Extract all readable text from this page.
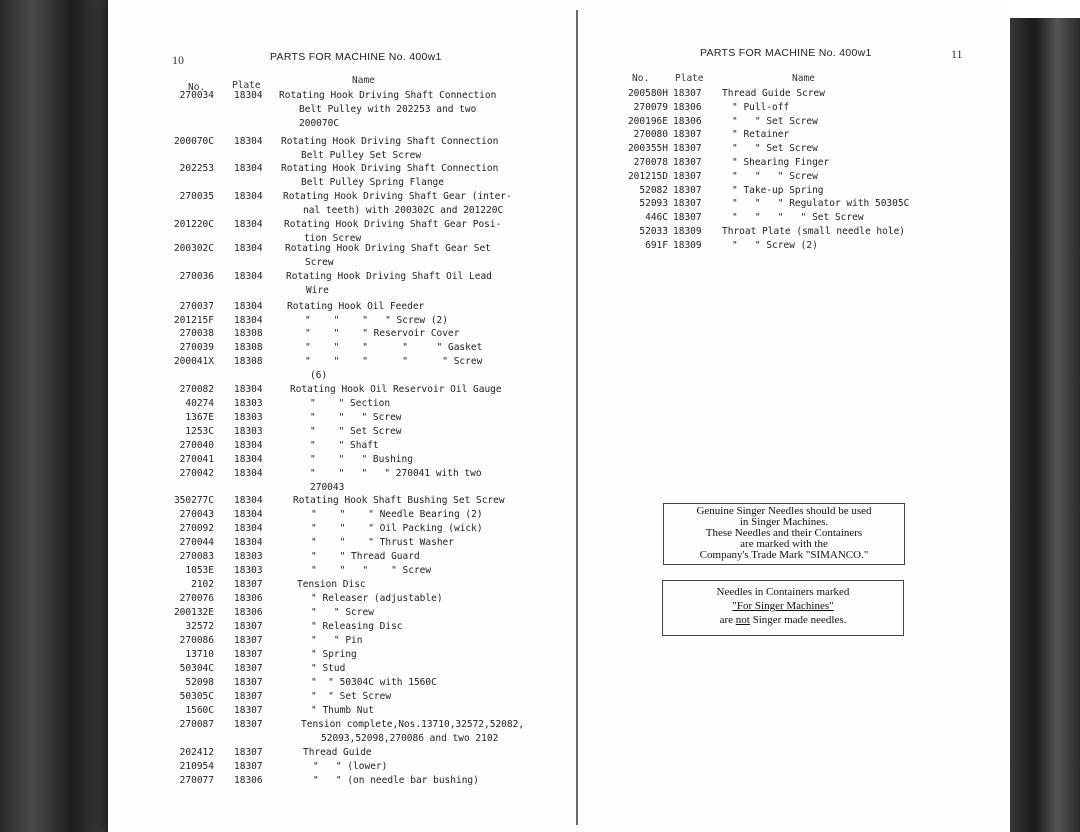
10	PARTS FOR MACHINE No. 400w1
No.	Plate	Name
270034 18304 Rotating Hook Driving Shaft Connection
Belt Pulley with 202253 and two
200070C
200070C 18304 Rotating Hook Driving Shaft Connection
Belt Pulley Set Screw
202253 18304 Rotating Hook Driving Shaft Connection
Belt Pulley Spring Flange
270035 18304 Rotating Hook Driving Shaft Gear (inter-
nal teeth) with 200302C and 201220C
201220C 18304 Rotating Hook Driving Shaft Gear Posi-
tion Screw
200302C 18304 Rotating Hook Driving Shaft Gear Set
Screw
270036 18304 Rotating Hook Driving Shaft Oil Lead
Wire
270037 18304	Rotating Hook Oil Feeder
201215F 18304	"    "    "   " Screw (2)
270038 18308	"    "    " Reservoir Cover
270039 18308	"    "    "      "     " Gasket
200041X 18308	"    "    "      "      " Screw
(6)
270082 18304	Rotating Hook Oil Reservoir Oil Gauge
40274 18303	"    " Section
1367E 18303	"    "   " Screw
1253C 18303	"    " Set Screw
270040 18304	"    " Shaft
270041 18304	"    "   " Bushing
270042 18304	"    "   "   " 270041 with two
270043
350277C 18304	Rotating Hook Shaft Bushing Set Screw
270043 18304	"    "    " Needle Bearing (2)
270092 18304	"    "    " Oil Packing (wick)
270044 18304	"    "    " Thrust Washer
270083 18303	"    " Thread Guard
1053E 18303	"    "   "    " Screw
2102 18307	Tension Disc
270076 18306	" Releaser (adjustable)
200132E 18306	"   " Screw
32572 18307	" Releasing Disc
270086 18307	"   " Pin
13710 18307	" Spring
50304C 18307	" Stud
52098 18307	"  " 50304C with 1560C
50305C 18307	"  " Set Screw
1560C 18307	" Thumb Nut
270087 18307	Tension complete,Nos.13710,32572,52082,
52093,52098,270086 and two 2102
202412 18307	Thread Guide
210954 18307	"   " (lower)
270077 18306	"   " (on needle bar bushing)
PARTS FOR MACHINE No. 400w1	11
No.	Plate	Name
200580H 18307 Thread Guide Screw
270079 18306	" Pull-off
200196E 18306	"   " Set Screw
270080 18307	" Retainer
200355H 18307	"   " Set Screw
270078 18307	" Shearing Finger
201215D 18307	"   "   " Screw
52082 18307	" Take-up Spring
52093 18307	"   "   " Regulator with 50305C
446C 18307	"   "   "   " Set Screw
52033 18309 Throat Plate (small needle hole)
691F 18309	"   " Screw (2)
Genuine Singer Needles should be used
in Singer Machines.
These Needles and their Containers
are marked with the
Company's Trade Mark "SIMANCO."
Needles in Containers marked
"For Singer Machines"
are not Singer made needles.
